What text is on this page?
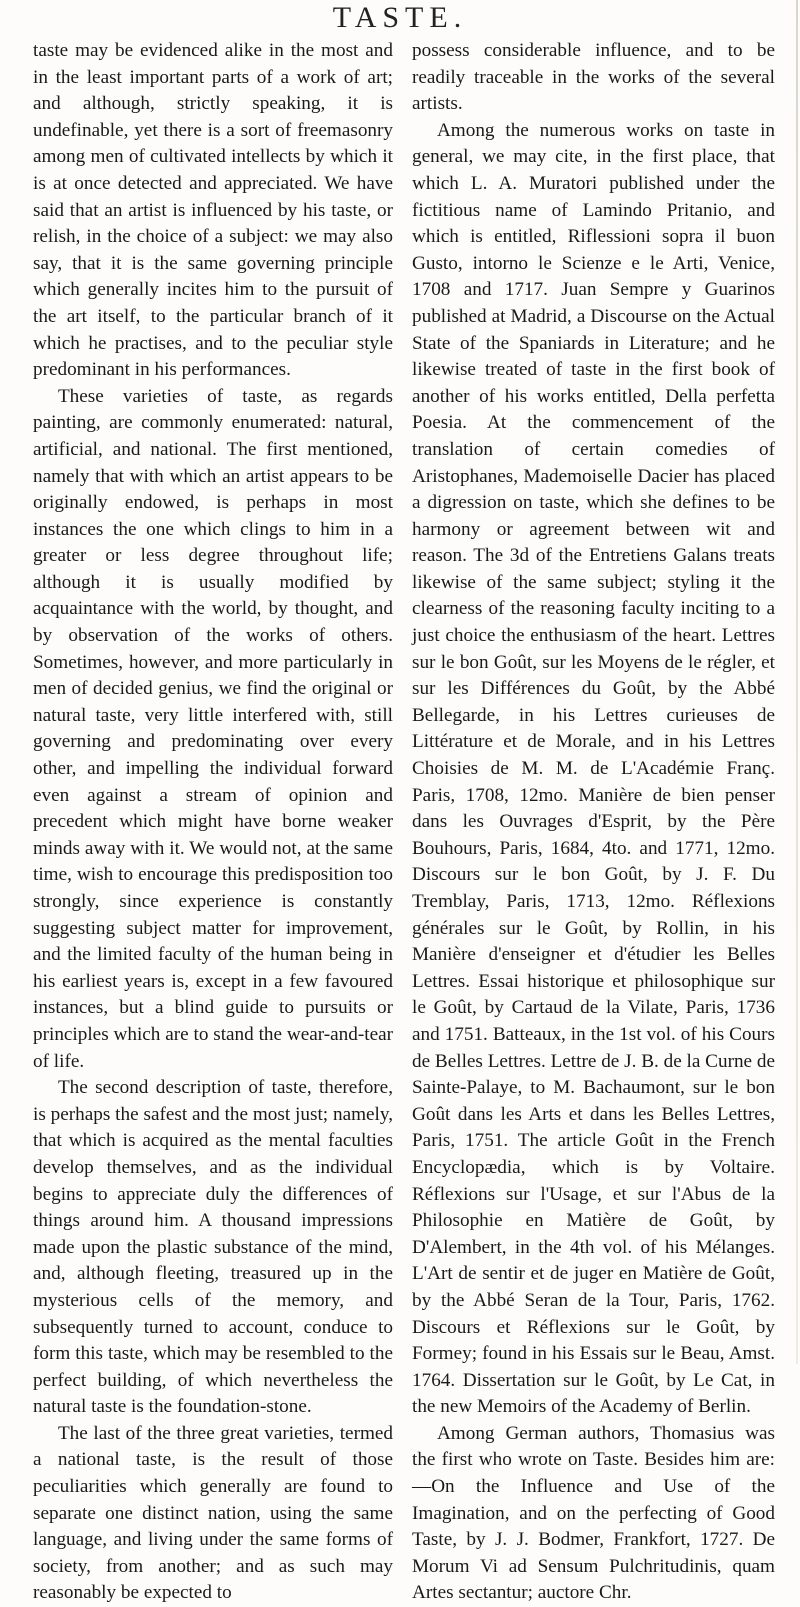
TASTE.

taste may be evidenced alike in the most and in the least important parts of a work of art; and although, strictly speaking, it is undefinable, yet there is a sort of freemasonry among men of cultivated intellects by which it is at once detected and appreciated. We have said that an artist is influenced by his taste, or relish, in the choice of a subject: we may also say, that it is the same governing principle which generally incites him to the pursuit of the art itself, to the particular branch of it which he practises, and to the peculiar style predominant in his performances.

These varieties of taste, as regards painting, are commonly enumerated: natural, artificial, and national. The first mentioned, namely that with which an artist appears to be originally endowed, is perhaps in most instances the one which clings to him in a greater or less degree throughout life; although it is usually modified by acquaintance with the world, by thought, and by observation of the works of others. Sometimes, however, and more particularly in men of decided genius, we find the original or natural taste, very little interfered with, still governing and predominating over every other, and impelling the individual forward even against a stream of opinion and precedent which might have borne weaker minds away with it. We would not, at the same time, wish to encourage this predisposition too strongly, since experience is constantly suggesting subject matter for improvement, and the limited faculty of the human being in his earliest years is, except in a few favoured instances, but a blind guide to pursuits or principles which are to stand the wear-and-tear of life.

The second description of taste, therefore, is perhaps the safest and the most just; namely, that which is acquired as the mental faculties develop themselves, and as the individual begins to appreciate duly the differences of things around him. A thousand impressions made upon the plastic substance of the mind, and, although fleeting, treasured up in the mysterious cells of the memory, and subsequently turned to account, conduce to form this taste, which may be resembled to the perfect building, of which nevertheless the natural taste is the foundation-stone.

The last of the three great varieties, termed a national taste, is the result of those peculiarities which generally are found to separate one distinct nation, using the same language, and living under the same forms of society, from another; and as such may reasonably be expected to

possess considerable influence, and to be readily traceable in the works of the several artists.

Among the numerous works on taste in general, we may cite, in the first place, that which L. A. Muratori published under the fictitious name of Lamindo Pritanio, and which is entitled, Riflessioni sopra il buon Gusto, intorno le Scienze e le Arti, Venice, 1708 and 1717. Juan Sempre y Guarinos published at Madrid, a Discourse on the Actual State of the Spaniards in Literature; and he likewise treated of taste in the first book of another of his works entitled, Della perfetta Poesia. At the commencement of the translation of certain comedies of Aristophanes, Mademoiselle Dacier has placed a digression on taste, which she defines to be harmony or agreement between wit and reason. The 3d of the Entretiens Galans treats likewise of the same subject; styling it the clearness of the reasoning faculty inciting to a just choice the enthusiasm of the heart. Lettres sur le bon Goût, sur les Moyens de le régler, et sur les Différences du Goût, by the Abbé Bellegarde, in his Lettres curieuses de Littérature et de Morale, and in his Lettres Choisies de M. M. de L'Académie Franç. Paris, 1708, 12mo. Manière de bien penser dans les Ouvrages d'Esprit, by the Père Bouhours, Paris, 1684, 4to. and 1771, 12mo. Discours sur le bon Goût, by J. F. Du Tremblay, Paris, 1713, 12mo. Réflexions générales sur le Goût, by Rollin, in his Manière d'enseigner et d'étudier les Belles Lettres. Essai historique et philosophique sur le Goût, by Cartaud de la Vilate, Paris, 1736 and 1751. Batteaux, in the 1st vol. of his Cours de Belles Lettres. Lettre de J. B. de la Curne de Sainte-Palaye, to M. Bachaumont, sur le bon Goût dans les Arts et dans les Belles Lettres, Paris, 1751. The article Goût in the French Encyclopædia, which is by Voltaire. Réflexions sur l'Usage, et sur l'Abus de la Philosophie en Matière de Goût, by D'Alembert, in the 4th vol. of his Mélanges. L'Art de sentir et de juger en Matière de Goût, by the Abbé Seran de la Tour, Paris, 1762. Discours et Réflexions sur le Goût, by Formey; found in his Essais sur le Beau, Amst. 1764. Dissertation sur le Goût, by Le Cat, in the new Memoirs of the Academy of Berlin.

Among German authors, Thomasius was the first who wrote on Taste. Besides him are:—On the Influence and Use of the Imagination, and on the perfecting of Good Taste, by J. J. Bodmer, Frankfort, 1727. De Morum Vi ad Sensum Pulchritudinis, quam Artes sectantur; auctore Chr.
